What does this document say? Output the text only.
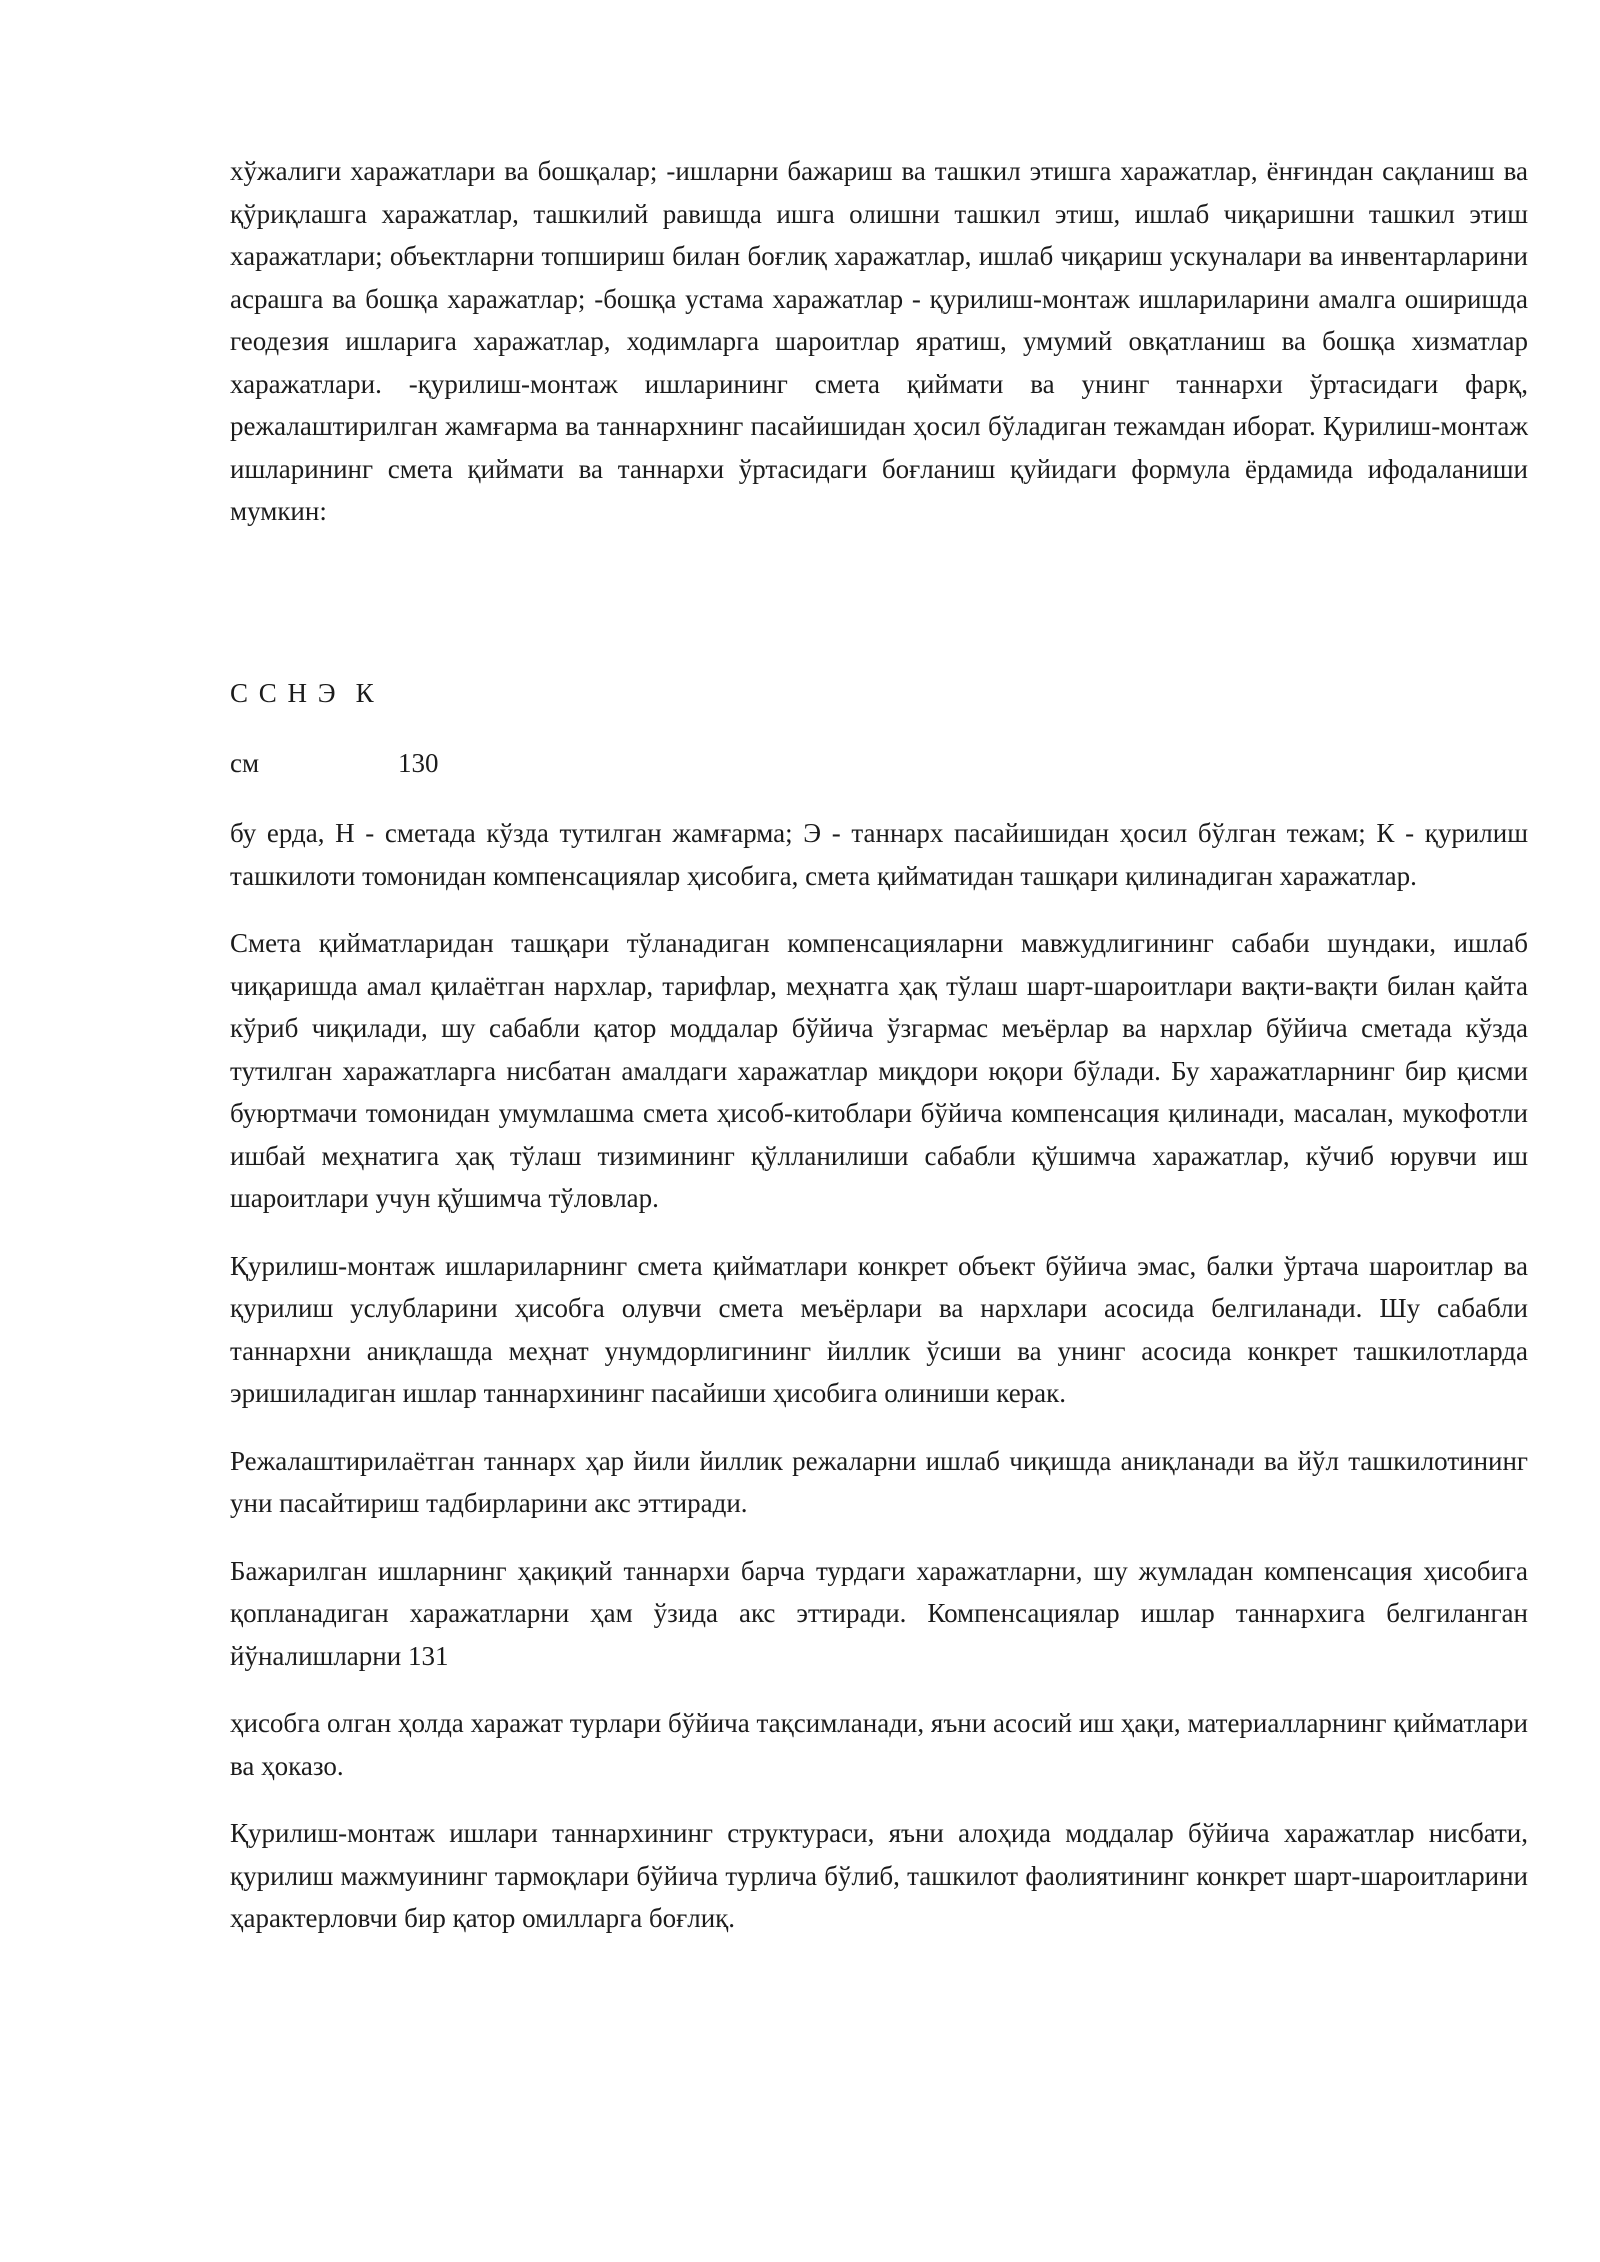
хўжалиги харажатлари ва бошқалар; -ишларни бажариш ва ташкил этишга харажатлар, ёнғиндан сақланиш ва қўриқлашга харажатлар, ташкилий равишда ишга олишни ташкил этиш, ишлаб чиқаришни ташкил этиш харажатлари; объектларни топшириш билан боғлиқ харажатлар, ишлаб чиқариш ускуналари ва инвентарларини асрашга ва бошқа харажатлар; -бошқа устама харажатлар - қурилиш-монтаж ишлариларини амалга оширишда геодезия ишларига харажатлар, ходимларга шароитлар яратиш, умумий овқатланиш ва бошқа хизматлар харажатлари. -қурилиш-монтаж ишларининг смета қиймати ва унинг таннархи ўртасидаги фарқ, режалаштирилган жамғарма ва таннархнинг пасайишидан ҳосил бўладиган тежамдан иборат. Қурилиш-монтаж ишларининг смета қиймати ва таннархи ўртасидаги боғланиш қуйидаги формула ёрдамида ифодаланиши мумкин:

С С Н Э К
см	130

бу ерда, Н - сметада кўзда тутилган жамғарма; Э - таннарх пасайишидан ҳосил бўлган тежам; К - қурилиш ташкилоти томонидан компенсациялар ҳисобига, смета қийматидан ташқари қилинадиган харажатлар.

Смета қийматларидан ташқари тўланадиган компенсацияларни мавжудлигининг сабаби шундаки, ишлаб чиқаришда амал қилаётган нархлар, тарифлар, меҳнатга ҳақ тўлаш шарт-шароитлари вақти-вақти билан қайта кўриб чиқилади, шу сабабли қатор моддалар бўйича ўзгармас меъёрлар ва нархлар бўйича сметада кўзда тутилган харажатларга нисбатан амалдаги харажатлар миқдори юқори бўлади. Бу харажатларнинг бир қисми буюртмачи томонидан умумлашма смета ҳисоб-китоблари бўйича компенсация қилинади, масалан, мукофотли ишбай меҳнатига ҳақ тўлаш тизимининг қўлланилиши сабабли қўшимча харажатлар, кўчиб юрувчи иш шароитлари учун қўшимча тўловлар.

Қурилиш-монтаж ишлариларнинг смета қийматлари конкрет объект бўйича эмас, балки ўртача шароитлар ва қурилиш услубларини ҳисобга олувчи смета меъёрлари ва нархлари асосида белгиланади. Шу сабабли таннархни аниқлашда меҳнат унумдорлигининг йиллик ўсиши ва унинг асосида конкрет ташкилотларда эришиладиган ишлар таннархининг пасайиши ҳисобига олиниши керак.

Режалаштирилаётган таннарх ҳар йили йиллик режаларни ишлаб чиқишда аниқланади ва йўл ташкилотининг уни пасайтириш тадбирларини акс эттиради.

Бажарилган ишларнинг ҳақиқий таннархи барча турдаги харажатларни, шу жумладан компенсация ҳисобига қопланадиган харажатларни ҳам ўзида акс эттиради. Компенсациялар ишлар таннархига белгиланган йўналишларни 131

ҳисобга олган ҳолда харажат турлари бўйича тақсимланади, яъни асосий иш ҳақи, материалларнинг қийматлари ва ҳоказо.

Қурилиш-монтаж ишлари таннархининг структураси, яъни алоҳида моддалар бўйича харажатлар нисбати, қурилиш мажмуининг тармоқлари бўйича турлича бўлиб, ташкилот фаолиятининг конкрет шарт-шароитларини ҳарактерловчи бир қатор омилларга боғлиқ.
